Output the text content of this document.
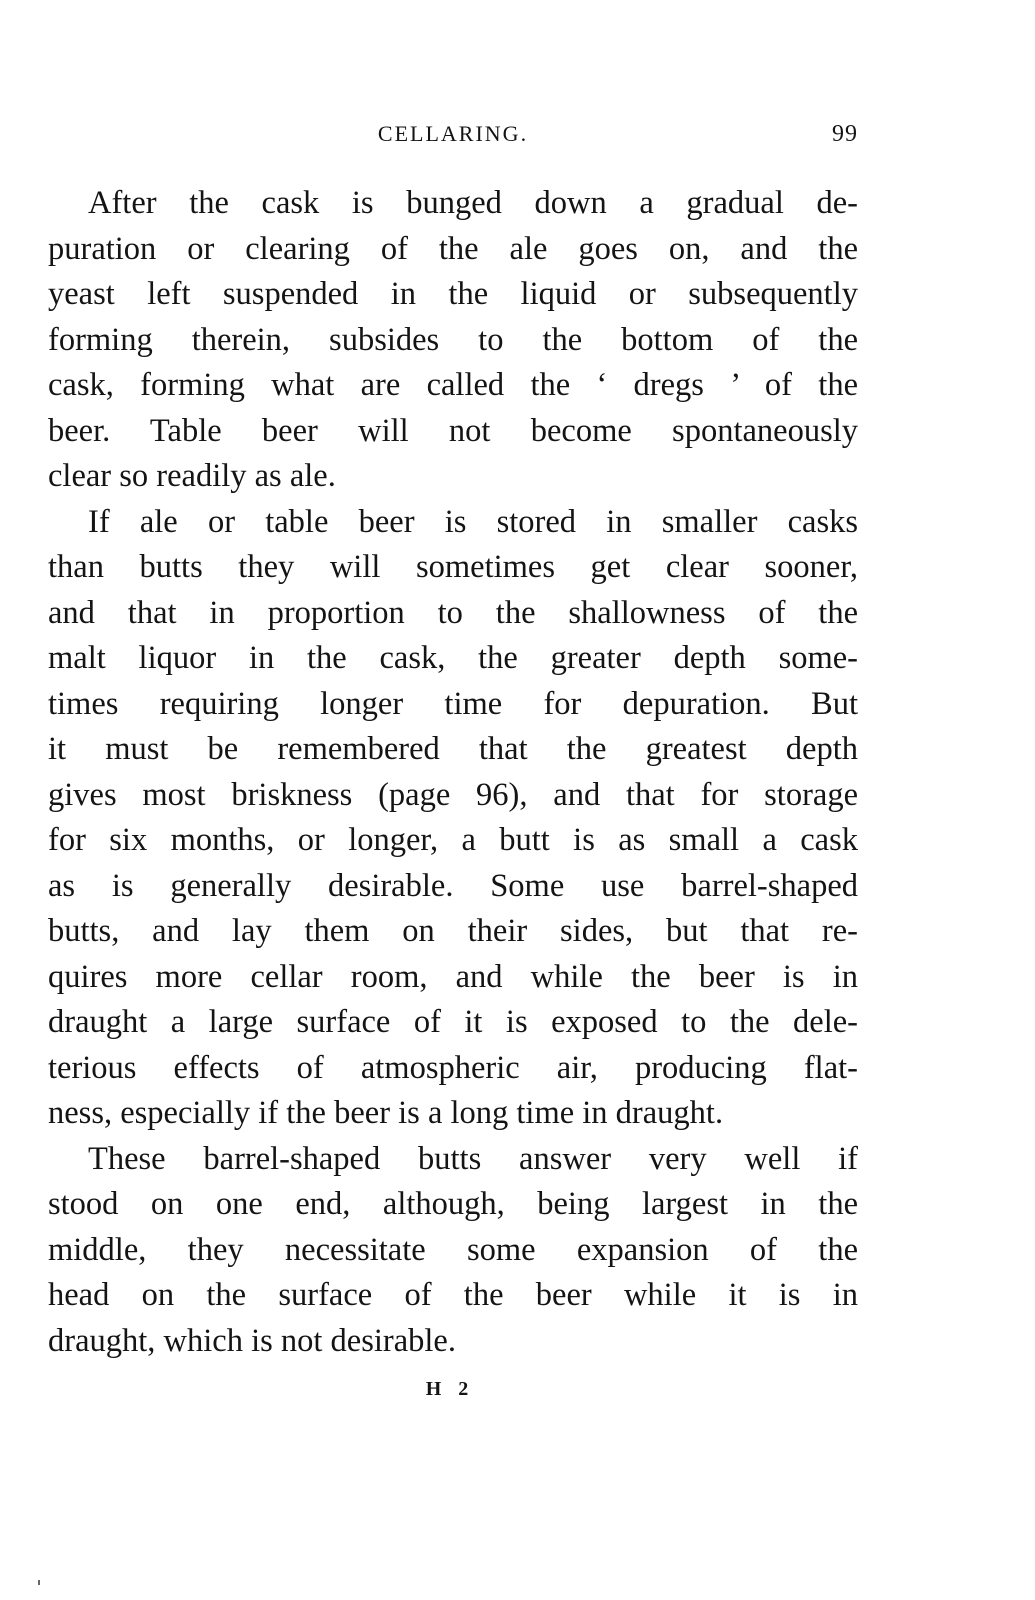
CELLARING.	99
After the cask is bunged down a gradual de-
puration or clearing of the ale goes on, and the
yeast left suspended in the liquid or subsequently
forming therein, subsides to the bottom of the
cask, forming what are called the ‘ dregs ’ of the
beer. Table beer will not become spontaneously
clear so readily as ale.
If ale or table beer is stored in smaller casks
than butts they will sometimes get clear sooner,
and that in proportion to the shallowness of the
malt liquor in the cask, the greater depth some-
times requiring longer time for depuration. But
it must be remembered that the greatest depth
gives most briskness (page 96), and that for storage
for six months, or longer, a butt is as small a cask
as is generally desirable. Some use barrel-shaped
butts, and lay them on their sides, but that re-
quires more cellar room, and while the beer is in
draught a large surface of it is exposed to the dele-
terious effects of atmospheric air, producing flat-
ness, especially if the beer is a long time in draught.
These barrel-shaped butts answer very well if
stood on one end, although, being largest in the
middle, they necessitate some expansion of the
head on the surface of the beer while it is in
draught, which is not desirable.
H 2
